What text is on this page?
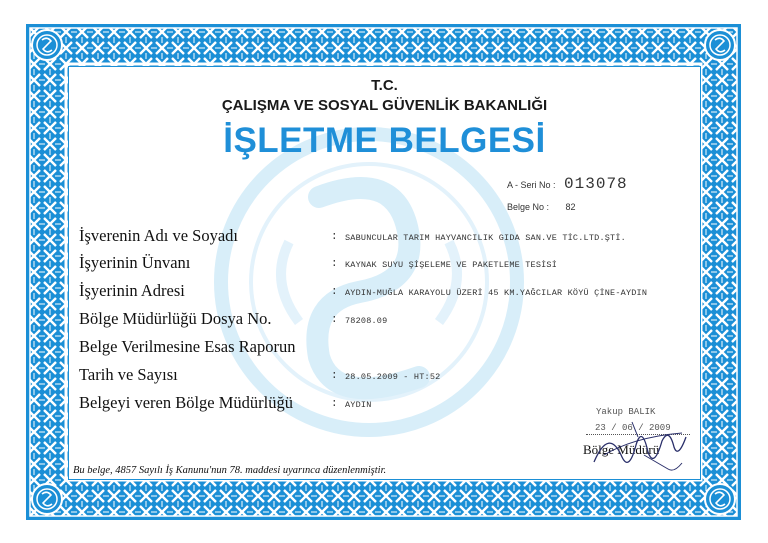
T.C.
ÇALIŞMA VE SOSYAL GÜVENLİK BAKANLIĞI
İŞLETME BELGESİ
A - Seri No : 013078
Belge No : 82
İşverenin Adı ve Soyadı	: SABUNCULAR TARIM HAYVANCILIK GIDA SAN.VE TİC.LTD.ŞTİ.
İşyerinin Ünvanı	: KAYNAK SUYU ŞİŞELEME VE PAKETLEME TESİSİ
İşyerinin Adresi	: AYDIN-MUĞLA KARAYOLU ÜZERİ 45 KM.YAĞCILAR KÖYÜ ÇİNE-AYDIN
Bölge Müdürlüğü Dosya No.	: 78208.09
Belge Verilmesine Esas Raporun
Tarih ve Sayısı	: 28.05.2009 - HT:52
Belgeyi veren Bölge Müdürlüğü	: AYDIN
Yakup BALIK
23 / 06 / 2009
Bölge Müdürü
Bu belge, 4857 Sayılı İş Kanunu'nun 78. maddesi uyarınca düzenlenmiştir.
